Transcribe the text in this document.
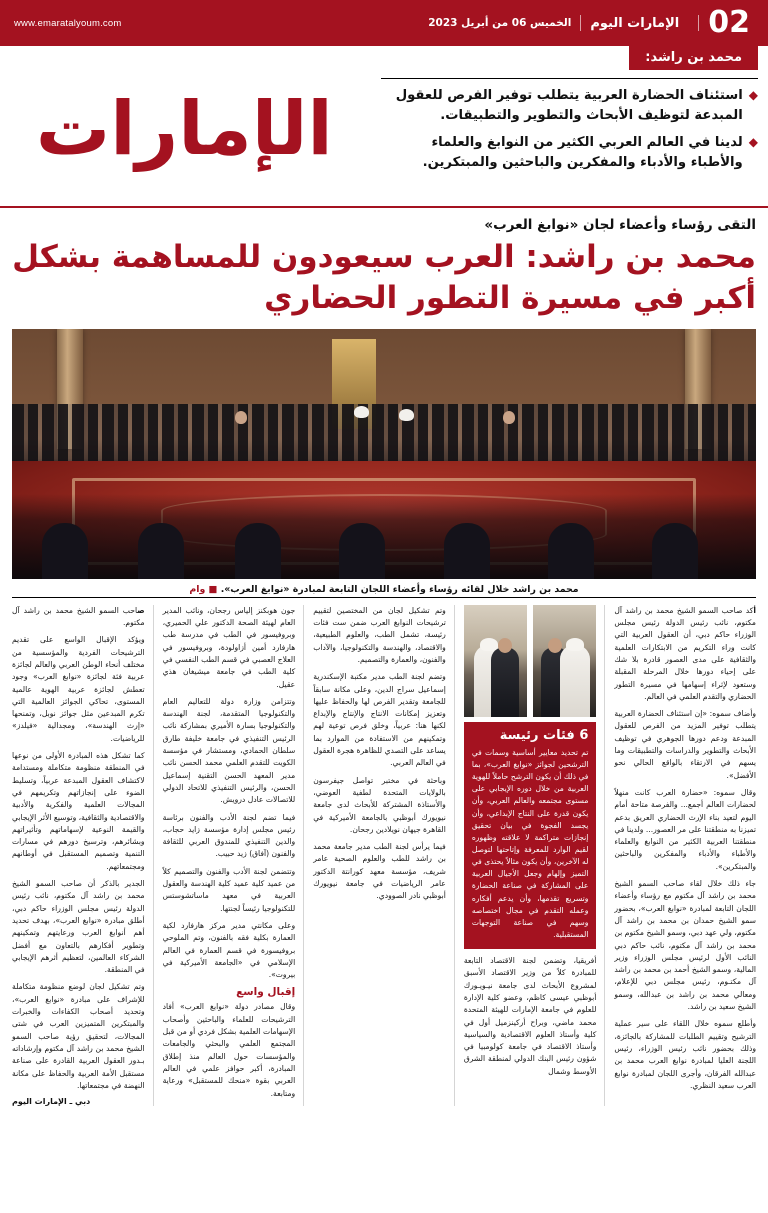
02
الإمارات اليوم
الخميس 06 من أبريل 2023
www.emaratalyoum.com
محمد بن راشد:
◆

استئناف الحضارة العربية يتطلب توفير الفرص للعقول المبدعة لتوظيف الأبحاث والتطوير والتطبيقات.

◆

لدينا في العالم العربي الكثير من النوابغ والعلماء والأطباء والأدباء والمفكرين والباحثين والمبتكرين.

الإمارات
التقى رؤساء وأعضاء لجان «نوابغ العرب»
محمد بن راشد: العرب سيعودون للمساهمة بشكل أكبر في مسيرة التطور الحضاري
محمد بن راشد خلال لقائه رؤساء وأعضاء اللجان التابعة لمبادرة «نوابغ العرب». ■ وام

أكد صاحب السمو الشيخ محمد بن راشد آل مكتوم، نائب رئيس الدولة رئيس مجلس الوزراء حاكم دبي، أن العقول العربية التي كانت وراء التكريم من الابتكارات العلمية والثقافية على مدى العصور قادرة بلا شك على إحياء دورها خلال المرحلة المقبلة وستعود لإثراء إسهامها في مسيرة التطور الحضاري والتقدم العلمي في العالم.

وأضاف سموه: «إن استئناف الحضارة العربية يتطلب توفير المزيد من الفرص للعقول المبدعة ودعم دورها الجوهري في توظيف الأبحاث والتطوير والدراسات والتطبيقات وما يسهم في الارتقاء بالواقع الحالي نحو الأفضل».

وقال سموه: «حضارة العرب كانت منهلاً لحضارات العالم أجمع... والفرصة متاحة أمام اليوم لتعيد بناء الإرث الحضاري العريق بدعم تميزنا به منطقتنا على مر العصور... ولدينا في منطقتنا العربية الكثير من النوابغ والعلماء والأطباء والأدباء والمفكرين والباحثين والمبتكرين».

جاء ذلك خلال لقاء صاحب السمو الشيخ محمد بن راشد آل مكتوم مع رؤساء وأعضاء اللجان التابعة لمبادرة «نوابغ العرب»، بحضور سمو الشيخ حمدان بن محمد بن راشد آل مكتوم، ولي عهد دبي، وسمو الشيخ مكتوم بن محمد بن راشد آل مكتوم، نائب حاكم دبي النائب الأول لرئيس مجلس الوزراء وزير المالية، وسمو الشيخ أحمد بن محمد بن راشد آل مكتـوم، رئيس مجلس دبي للإعلام، ومعالي محمد بن راشد بن عبدالله، وسمو الشيخ سعيد بن راشد.

وأطلع سموه خلال اللقاء على سير عملية الترشيح وتقييم الطلبات للمشاركة بالجائزة، وذلك بحضور نائب رئيس الوزراء، رئيس اللجنة العليا لمبادرة نوابغ العرب محمد بن عبدالله الفرقان، وأجرى اللجان لمبادرة نوابغ العرب سعيد النظري.

6 فئات رئيسة
تم تحديد معايير أساسية وسمات في الترشحين لجوائز «نوابغ العرب»، بما في ذلك أن يكون الترشح حاملاً للهوية العربية من خلال دوره الإيجابي على مستوى مجتمعه والعالم العربي، وأن يكون قدرة على النتاج الإبداعي، وأن يجسد الفجوة في بيان تحقيق إنجازات متراكمة لا علاقته وظهوره لقيم الوارد للمعرفة وإتاحتها لتوصل له الآخرين، وأن يكون مثالاً يحتذى في التميز وإلهام وجعل الأجيال العربية على المشاركة في صناعة الحضارة وتسريع تقدمها، وأن يدعم أفكاره وعمله التقدم في مجال اختصاصه وسهم في صناعة التوجهات المستقبلية.

أفريقيا، وتضمن لجنة الاقتصاد التابعة للمبادرة كلاً من وزير الاقتصاد الأسبق لمشروع الأبحاث لدى جامعة نيـويـورك أبوظبي عيسى كاظم، وعضو كلية الإدارة للعلوم في جامعة الإمارات للهيئة المتحدة محمد ماضي، وبراح أركينزميل أول في كلية وأستاذ العلوم الاقتصادية والسياسية وأستاذ الاقتصاد في جامعة كولومبيا في شؤون رئيس البنك الدولي لمنطقة الشرق الأوسط وشمال

وتم تشكيل لجان من المختصين لتقييم ترشيحات النوابغ العرب ضمن ست فئات رئيسة، تشمل الطب، والعلوم الطبيعية، والاقتصاد، والهندسة والتكنولوجيا، والآداب والفنون، والعمارة والتصميم.

وتضم لجنة الطب مدير مكتبة الإسكندرية إسماعيل سراج الدين، وعلى مكانة سابقاً للجامعة وتقدير الفرص لها والحفاظ عليها وتعزيز إمكانات الانتاج والإنتاج والإبداع لكنها هنا: عربياً، وخلق فرص توعية لهم وتمكينهم من الاستفادة من الموارد بما يساعد على التصدي للظاهرة هجرة العقول في العالم العربي.

وباحثة في مختبر تواصل جيفرسون بالولايات المتحدة لطفية العوضي، والأستاذة المشتركة للأبحاث لدى جامعة نيويورك أبوظبي بالجامعة الأميركية في القاهرة جيهان نويلادين رجحان.

فيما يرأس لجنة الطب مدير جامعة محمد بن راشد للطب والعلوم الصحية عامر شريف، مؤسسة معهد كورانتة الدكتور عامر الرياضيات في جامعة نيويورك أبوظبي نادر الصوودي.

جون هوبكنز إلياس رجحان، ونائب المدير العام لهيئة الصحة الدكتور علي الحميري، وبروفيسور في الطب في مدرسة طب هارفارد أمين أزاولودة، وبروفيسور في العلاج العصبي في قسم الطب النفسي في كلية الطب في جامعة ميشيغان هذي عقيل.

وتتزامن وزارة دولة للتعاليم العام والتكنولوجيا المتقدمة، لجنة الهندسة والتكنولوجيا بسارة الأميري بمشاركة نائب الرئيس التنفيذي في جامعة خليفة طارق سلطان الحمادي، ومستشار في مؤسسة الكويت للتقدم العلمي محمد الحسن نائب مدير المعهد الحسن التقنية إسماعيل الحسن، والرئيس التنفيذي للاتحاد الدولي للاتصالات عادل درويش.

فيما تضم لجنة الأدب والفنون برئاسة رئيس مجلس إدارة مؤسسة زايد حجاب، والدين التنفيذي للمندوق العربي للثقافة والفنون (آفاق) زيد حبيب.

وتتضمن لجنة الأدب والفنون والتصميم كلاً من عميد كلية عميد كلية الهندسة والعقول العربية في معهد ماساتشوستس للتكنولوجيا رئيساً لجنتها.

وعلى مكانتي مدير مركز هارفارد لكية العمارة بكلية فقه بالفنون، وتم الملوحي بروفيسورة في قسم العمارة في العالم الإسلامي في «الجامعة الأميركية في بيروت».

إقبال واسع

وقال مصادر دولة «نوابغ العرب» أفاد الترشيحات للعلماء والباحثين وأصحاب الإسهامات العلمية بشكل فردي أو من قبل المجتمع العلمي والبحثي والجامعات والمؤسسات حول العالم منذ إطلاق المبادرة، أكبر حوافز علمي في العالم العربي بقوة «منحك للمستقبل» ورعاية ومتابعة.

صاحب السمو الشيخ محمد بن راشد آل مكتوم.

ويؤكد الإقبال الواسع على تقديم الترشيحات الفردية والمؤسسية من مختلف أنحاء الوطن العربي والعالم لجائزة عربية فئة لجائزة «نوابغ العرب» وجود تعطش لجائزة عربية الهوية عالمية المستوى، تحاكي الجوائز العالمية التي تكرم المبدعين مثل جوائز نوبل، وتمنحها «إرث الهندسة»، ومجدالية «فيلدز» للرياضيات.

كما تشكل هذه المبادرة الأولى من نوعها في المنطقة منظومة متكاملة ومستدامة لاكتشاف العقول المبدعة عربياً، وتسليط الضوء على إنجازاتهم وتكريمهم في المجالات العلمية والفكرية والأدبية والاقتصادية والثقافية، وتوسيع الأثر الإيجابي والقيمة النوعية لإسهاماتهم وتأثيراتهم وبشائرهم، وترسيخ دورهم في مسارات التنمية وتصميم المستقبل في أوطانهم ومجتمعاتهم.

الجدير بالذكر أن صاحب السمو الشيخ محمد بن راشد آل مكتوم، نائب رئيس الدولة رئيس مجلس الوزراء حاكم دبي، أطلق مبادرة «نوابغ العرب»، بهدف تحديد أهم أنوابغ العرب ورعايتهم وتمكينهم وتطوير أفكارهم بالتعاون مع أفضل الشركاء العالمين، لتعظيم أثرهم الإيجابي في المنطقة.

وتم تشكيل لجان لوضع منظومة متكاملة للإشراف على مبادرة «نوابغ العرب»، وتحديد أصحاب الكفاءات والخبرات والمبتكرين المتميزين العرب في شتى المجالات، لتحقيق رؤية صاحب السمو الشيخ محمد بن راشد آل مكتوم وإرشاداته بـدور العقول العربية القادرة على صناعة مستقبل الأمة العربية والحفاظ على مكانة النهضة في مجتمعاتها.

دبي ـ الإمارات اليوم
